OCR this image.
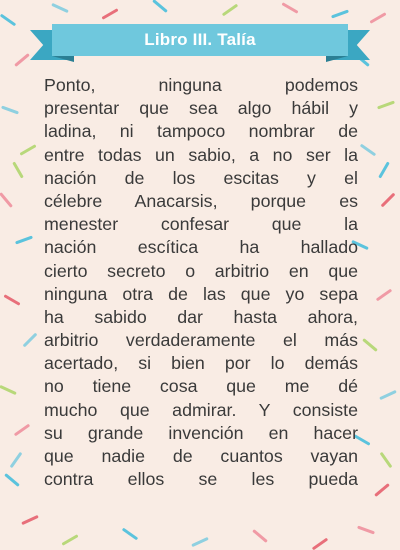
Libro III. Talía
Ponto, ninguna podemos
presentar que sea algo hábil y
ladina, ni tampoco nombrar de
entre todas un sabio, a no ser la
nación de los escitas y el
célebre Anacarsis, porque es
menester confesar que la
nación escítica ha hallado
cierto secreto o arbitrio en que
ninguna otra de las que yo sepa
ha sabido dar hasta ahora,
arbitrio verdaderamente el más
acertado, si bien por lo demás
no tiene cosa que me dé
mucho que admirar. Y consiste
su grande invención en hacer
que nadie de cuantos vayan
contra ellos se les pueda
